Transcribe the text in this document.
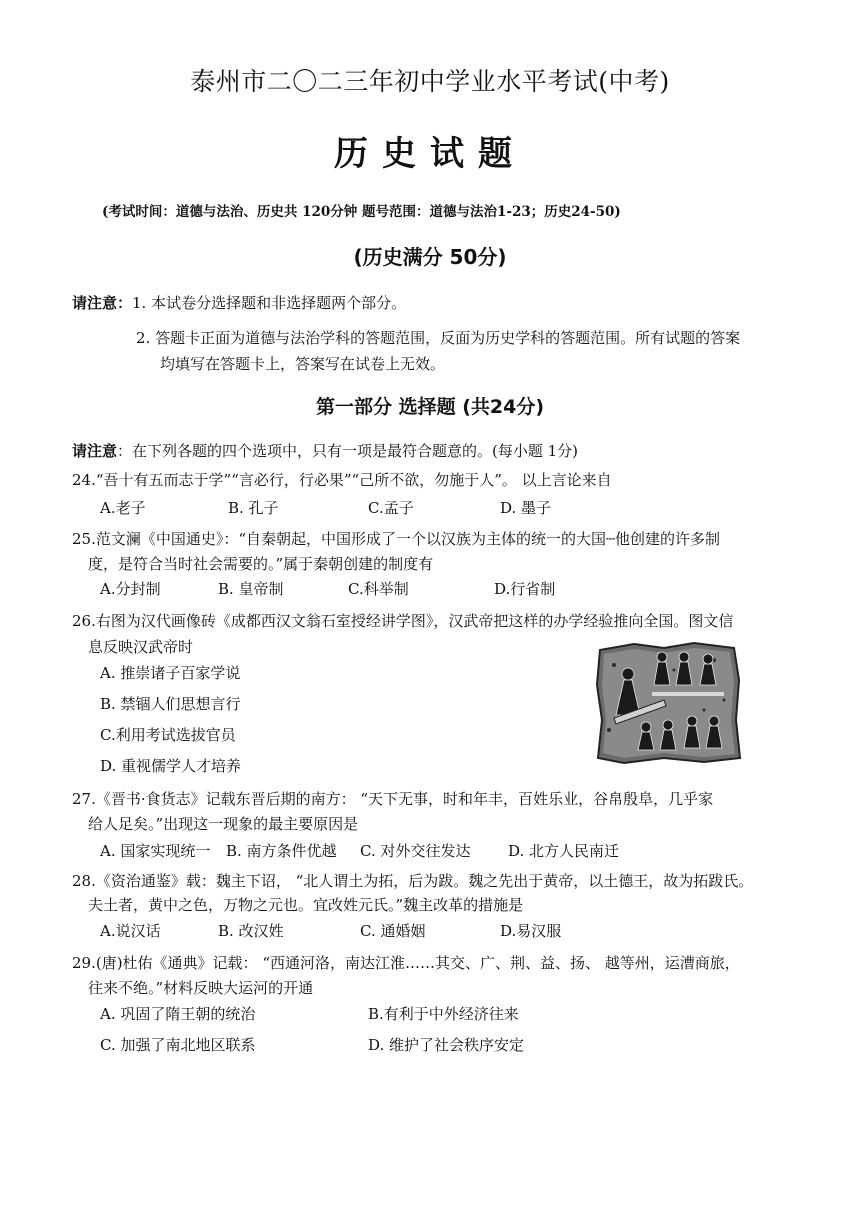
泰州市二〇二三年初中学业水平考试(中考)
历史试题
(考试时间：道德与法治、历史共 120分钟 题号范围：道德与法治1-23；历史24-50)
(历史满分 50分)
请注意：1. 本试卷分选择题和非选择题两个部分。
2. 答题卡正面为道德与法治学科的答题范围，反面为历史学科的答题范围。所有试题的答案
均填写在答题卡上，答案写在试卷上无效。
第一部分 选择题 (共24分)
请注意：在下列各题的四个选项中，只有一项是最符合题意的。(每小题 1分)
24.“吾十有五而志于学”“言必行，行必果”“己所不欲，勿施于人”。 以上言论来自
A.老子	B. 孔子	C.孟子	D. 墨子
25.范文澜《中国通史》：“自秦朝起，中国形成了一个以汉族为主体的统一的大国┄他创建的许多制
度，是符合当时社会需要的。”属于秦朝创建的制度有
A.分封制	B. 皇帝制	C.科举制	D.行省制
26.右图为汉代画像砖《成都西汉文翁石室授经讲学图》，汉武帝把这样的办学经验推向全国。图文信
息反映汉武帝时
A. 推崇诸子百家学说
B. 禁锢人们思想言行
C.利用考试选拔官员
D. 重视儒学人才培养
27.《晋书·食货志》记载东晋后期的南方： “天下无事，时和年丰，百姓乐业，谷帛殷阜，几乎家
给人足矣。”出现这一现象的最主要原因是
A. 国家实现统一 B. 南方条件优越 C. 对外交往发达	D. 北方人民南迁
28.《资治通鉴》载：魏主下诏， “北人谓土为拓，后为跋。魏之先出于黄帝，以土德王，故为拓跋氏。
夫土者，黄中之色，万物之元也。宜改姓元氏。”魏主改革的措施是
A.说汉话	B. 改汉姓	C. 通婚姻	D.易汉服
29.(唐)杜佑《通典》记载： “西通河洛，南达江淮……其交、广、荆、益、扬、 越等州，运漕商旅，
往来不绝。”材料反映大运河的开通
A. 巩固了隋王朝的统治	B.有利于中外经济往来
C. 加强了南北地区联系	D. 维护了社会秩序安定
